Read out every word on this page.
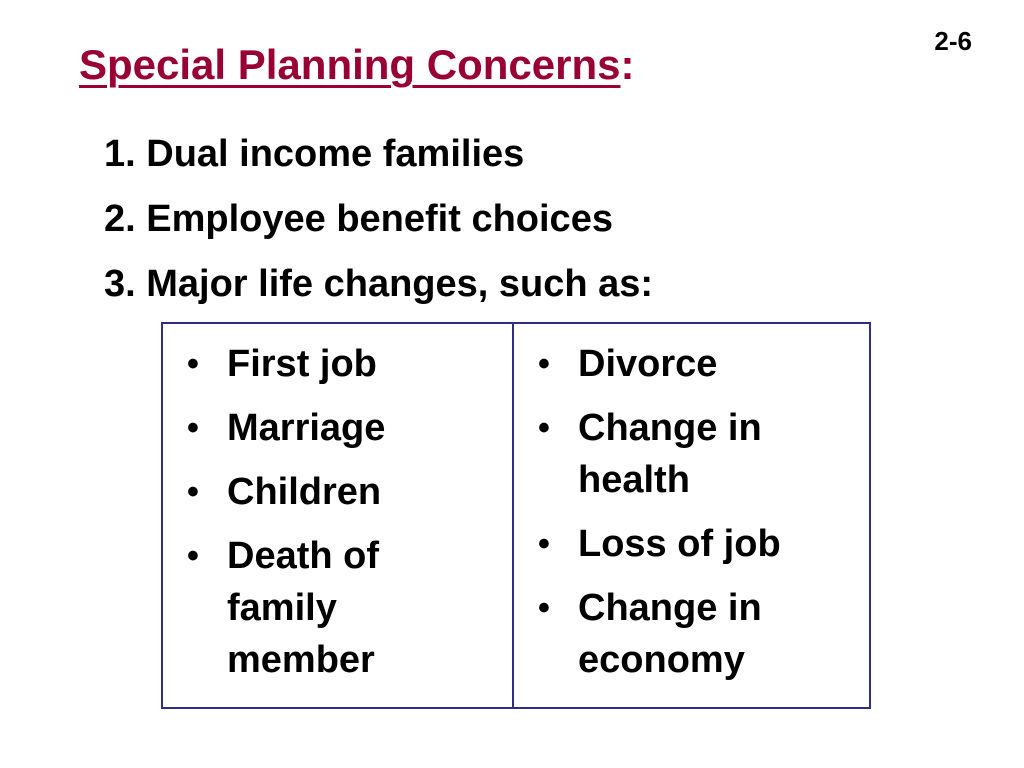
2-6
Special Planning Concerns:
1. Dual income families
2. Employee benefit choices
3. Major life changes, such as:
• First job
• Marriage
• Children
• Death of family member
• Divorce
• Change in health
• Loss of job
• Change in economy
